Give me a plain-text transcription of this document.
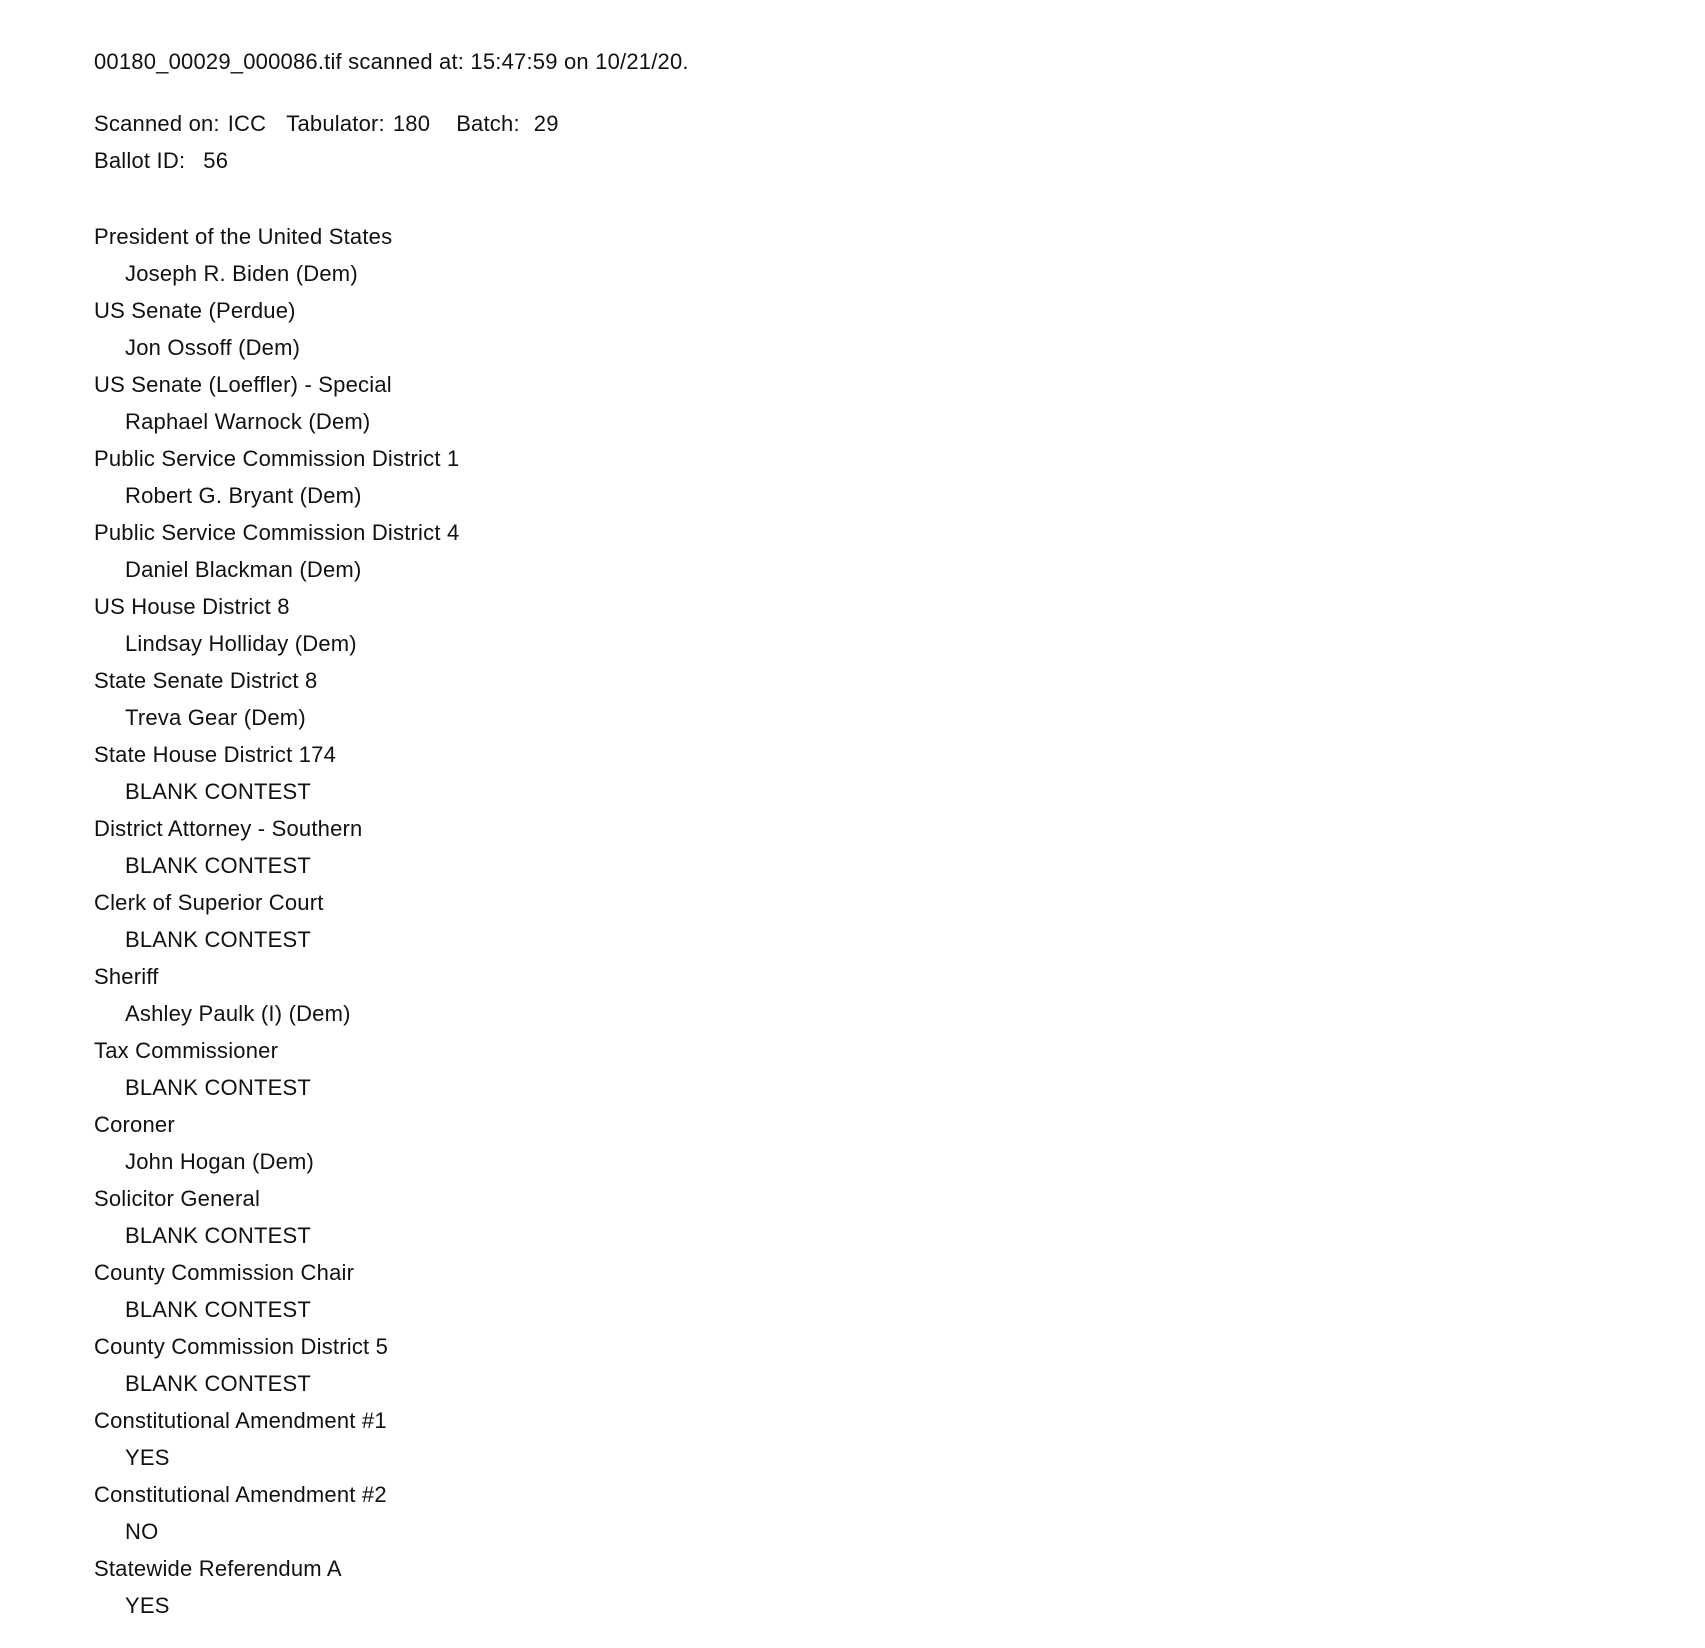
00180_00029_000086.tif scanned at: 15:47:59 on 10/21/20.
Scanned on: ICC Tabulator: 180 Batch: 29
Ballot ID: 56
President of the United States
Joseph R. Biden (Dem)
US Senate (Perdue)
Jon Ossoff (Dem)
US Senate (Loeffler) - Special
Raphael Warnock (Dem)
Public Service Commission District 1
Robert G. Bryant (Dem)
Public Service Commission District 4
Daniel Blackman (Dem)
US House District 8
Lindsay Holliday (Dem)
State Senate District 8
Treva Gear (Dem)
State House District 174
BLANK CONTEST
District Attorney - Southern
BLANK CONTEST
Clerk of Superior Court
BLANK CONTEST
Sheriff
Ashley Paulk (I) (Dem)
Tax Commissioner
BLANK CONTEST
Coroner
John Hogan (Dem)
Solicitor General
BLANK CONTEST
County Commission Chair
BLANK CONTEST
County Commission District 5
BLANK CONTEST
Constitutional Amendment #1
YES
Constitutional Amendment #2
NO
Statewide Referendum A
YES
